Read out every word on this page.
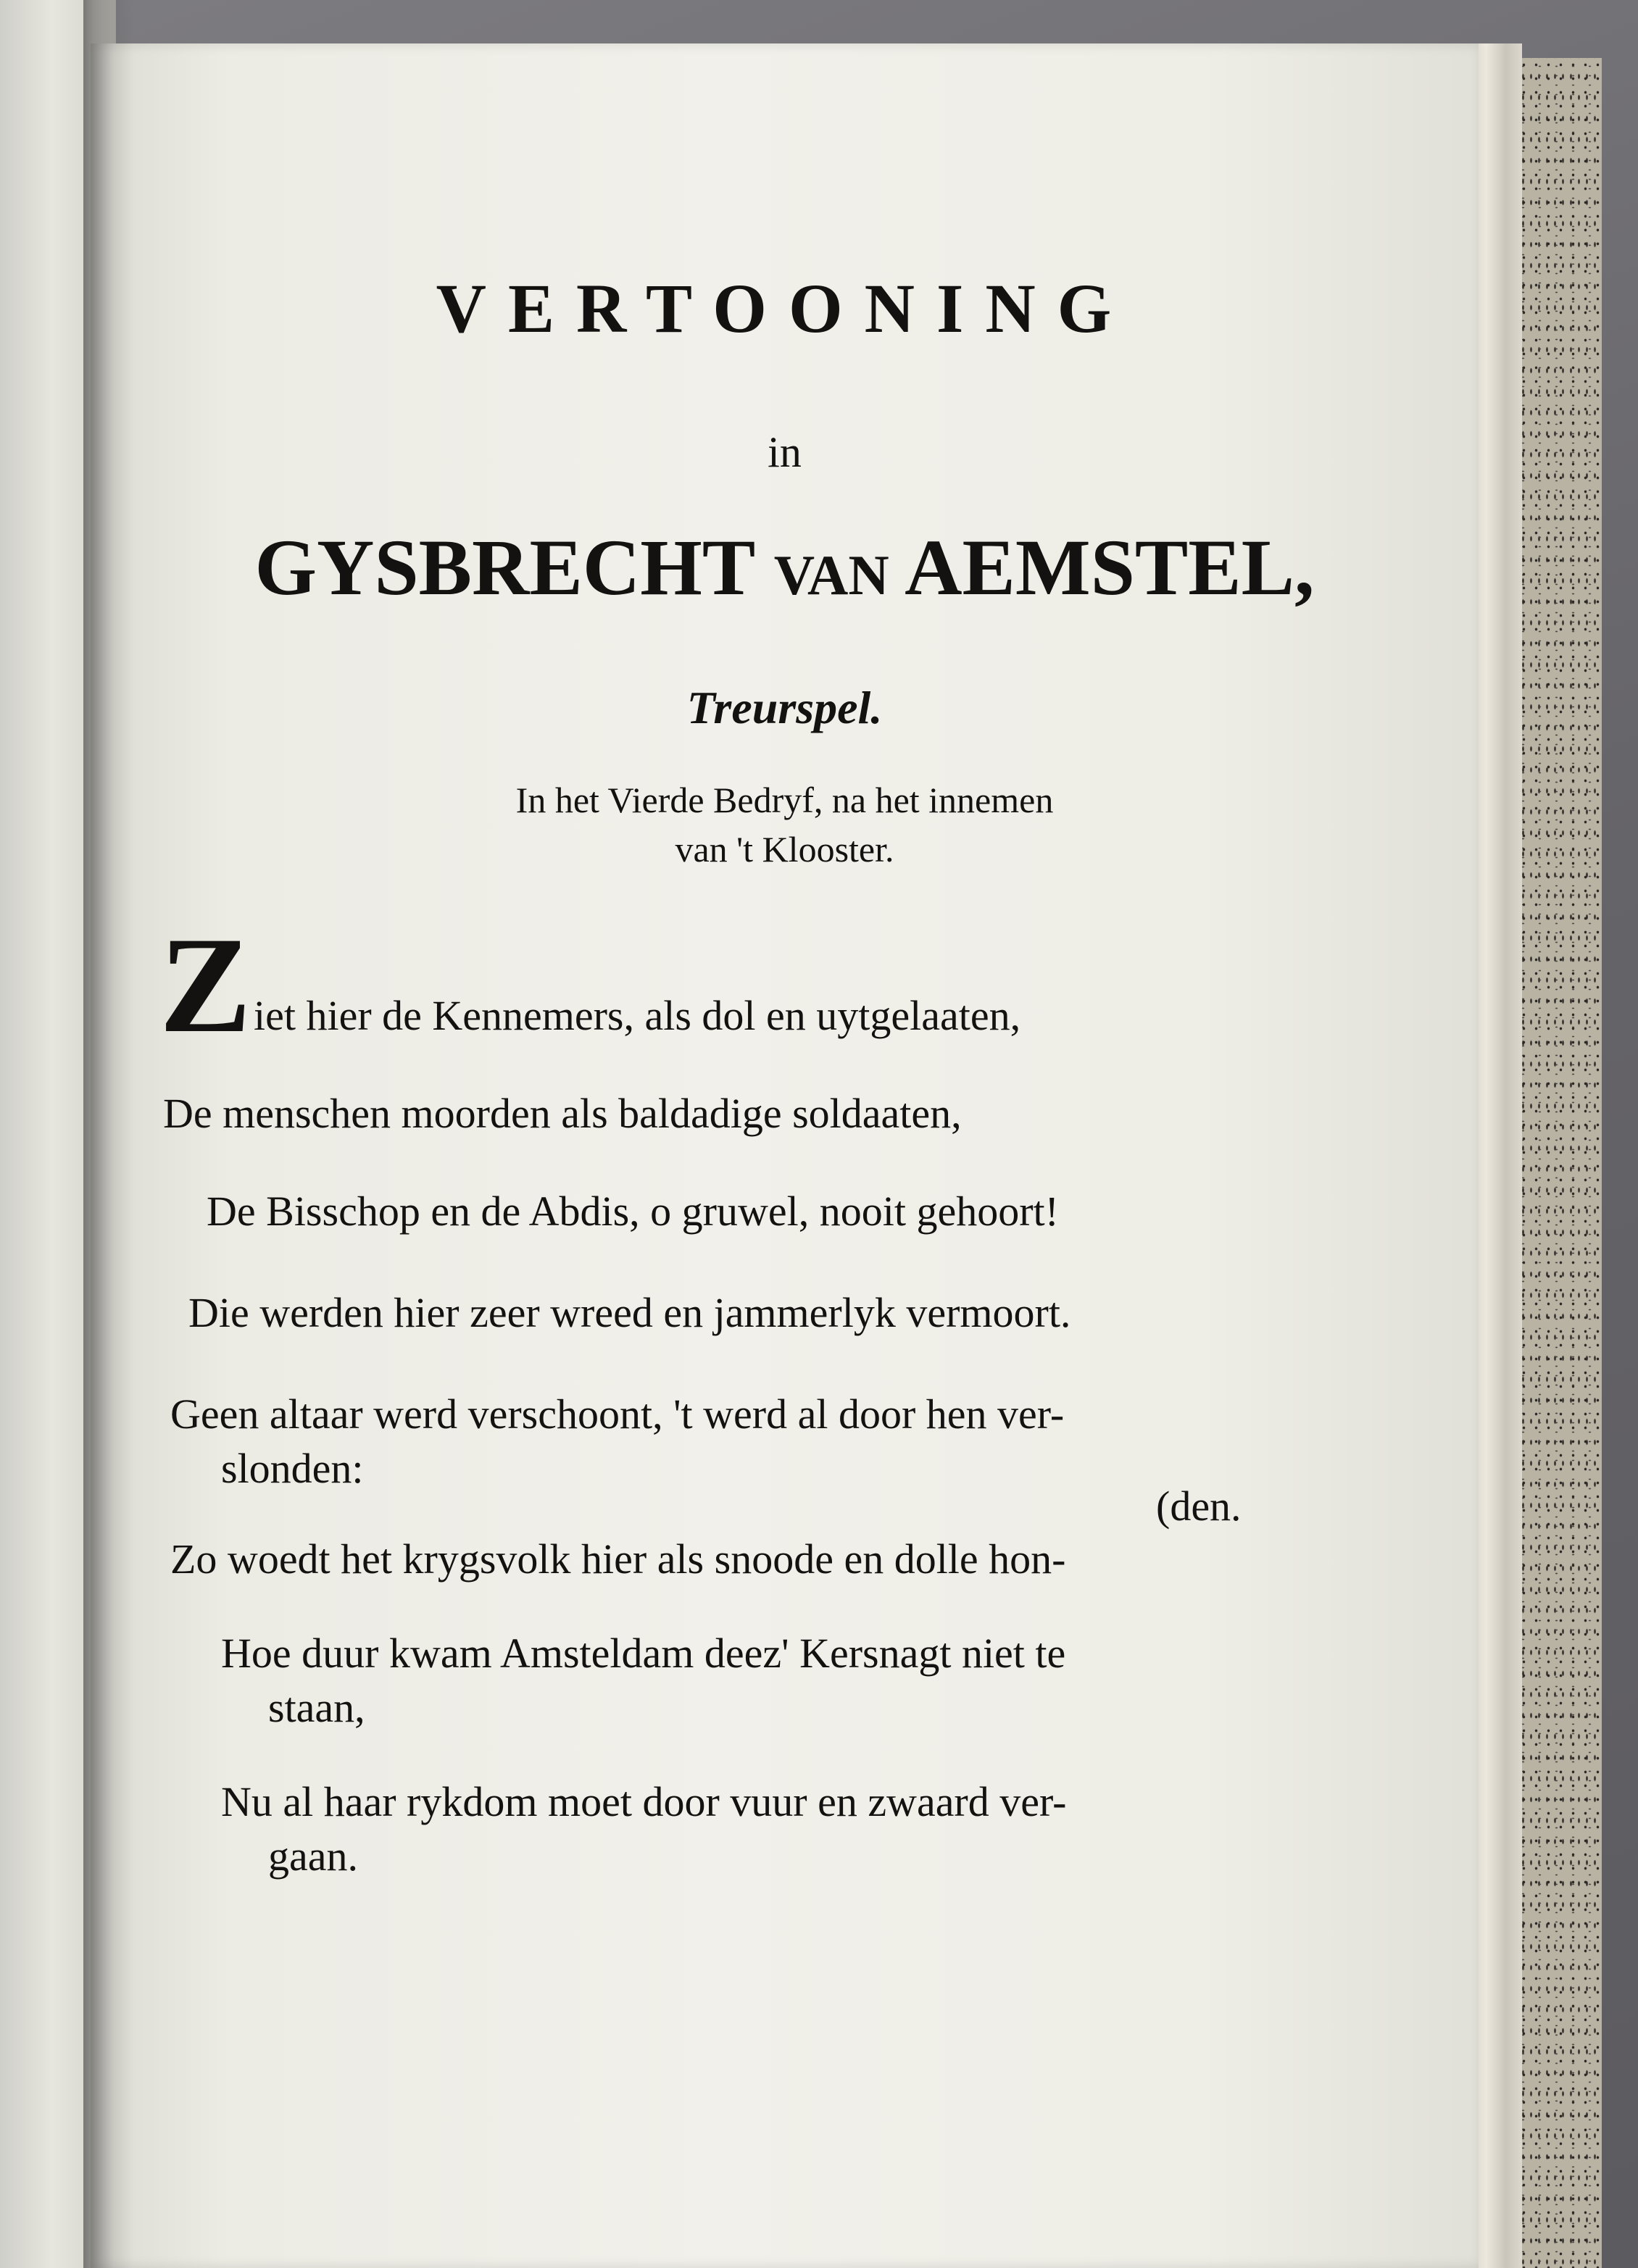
VERTOONING
in
GYSBRECHT VAN AEMSTEL,
Treurspel.
In het Vierde Bedryf, na het innemen
van 't Klooster.
Z iet hier de Kennemers, als dol en uytgelaaten,
De menschen moorden als baldadige soldaaten,
De Bisschop en de Abdis, o gruwel, nooit gehoort!
Die werden hier zeer wreed en jammerlyk vermoort.
Geen altaar werd verschoont, 't werd al door hen ver-
slonden:
(den.
Zo woedt het krygsvolk hier als snoode en dolle hon-
Hoe duur kwam Amsteldam deez' Kersnagt niet te
staan,
Nu al haar rykdom moet door vuur en zwaard ver-
gaan.
